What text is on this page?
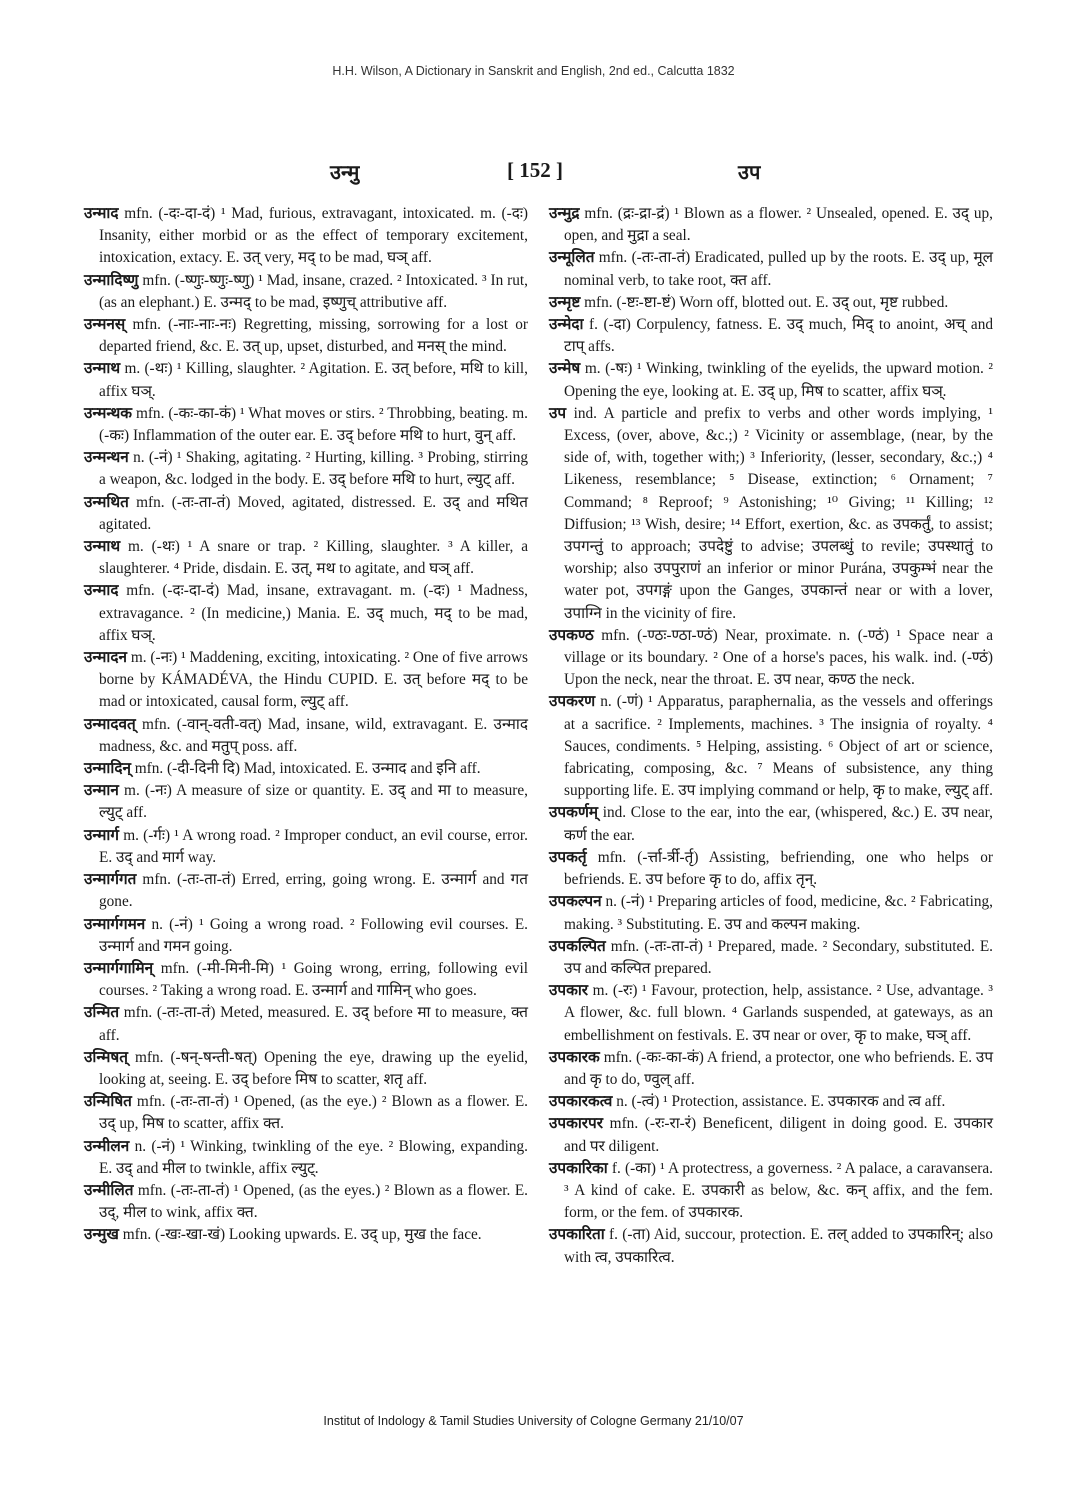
H.H. Wilson, A Dictionary in Sanskrit and English, 2nd ed., Calcutta 1832
उन्मु	[ 152 ]	उप

उन्माद mfn. (-दः-दा-दं) ¹ Mad, furious, extravagant, intoxicated. m. (-दः) Insanity, either morbid or as the effect of temporary excitement, intoxication, extacy. E. उत् very, मद् to be mad, घञ् aff.

उन्मादिष्णु mfn. (-ष्णुः-ष्णुः-ष्णु) ¹ Mad, insane, crazed. ² Intoxicated. ³ In rut, (as an elephant.) E. उन्मद् to be mad, इष्णुच् attributive aff.

उन्मनस् mfn. (-नाः-नाः-नः) Regretting, missing, sorrowing for a lost or departed friend, &c. E. उत् up, upset, disturbed, and मनस् the mind.

उन्माथ m. (-थः) ¹ Killing, slaughter. ² Agitation. E. उत् before, मथि to kill, affix घञ्.

उन्मन्थक mfn. (-कः-का-कं) ¹ What moves or stirs. ² Throbbing, beating. m. (-कः) Inflammation of the outer ear. E. उद् before मथि to hurt, वुन् aff.

उन्मन्थन n. (-नं) ¹ Shaking, agitating. ² Hurting, killing. ³ Probing, stirring a weapon, &c. lodged in the body. E. उद् before मथि to hurt, ल्युट् aff.

उन्मथित mfn. (-तः-ता-तं) Moved, agitated, distressed. E. उद् and मथित agitated.

उन्माथ m. (-थः) ¹ A snare or trap. ² Killing, slaughter. ³ A killer, a slaughterer. ⁴ Pride, disdain. E. उत्, मथ to agitate, and घञ् aff.

उन्माद mfn. (-दः-दा-दं) Mad, insane, extravagant. m. (-दः) ¹ Madness, extravagance. ² (In medicine,) Mania. E. उद् much, मद् to be mad, affix घञ्.

उन्मादन m. (-नः) ¹ Maddening, exciting, intoxicating. ² One of five arrows borne by KÁMADÉVA, the Hindu CUPID. E. उत् before मद् to be mad or intoxicated, causal form, ल्युट् aff.

उन्मादवत् mfn. (-वान्-वती-वत्) Mad, insane, wild, extravagant. E. उन्माद madness, &c. and मतुप् poss. aff.

उन्मादिन् mfn. (-दी-दिनी दि) Mad, intoxicated. E. उन्माद and इनि aff.

उन्मान m. (-नः) A measure of size or quantity. E. उद् and मा to measure, ल्युट् aff.

उन्मार्ग m. (-र्गः) ¹ A wrong road. ² Improper conduct, an evil course, error. E. उद् and मार्ग way.

उन्मार्गगत mfn. (-तः-ता-तं) Erred, erring, going wrong. E. उन्मार्ग and गत gone.

उन्मार्गगमन n. (-नं) ¹ Going a wrong road. ² Following evil courses. E. उन्मार्ग and गमन going.

उन्मार्गगामिन् mfn. (-मी-मिनी-मि) ¹ Going wrong, erring, following evil courses. ² Taking a wrong road. E. उन्मार्ग and गामिन् who goes.

उन्मित mfn. (-तः-ता-तं) Meted, measured. E. उद् before मा to measure, क्त aff.

उन्मिषत् mfn. (-षन्-षन्ती-षत्) Opening the eye, drawing up the eyelid, looking at, seeing. E. उद् before मिष to scatter, शतृ aff.

उन्मिषित mfn. (-तः-ता-तं) ¹ Opened, (as the eye.) ² Blown as a flower. E. उद् up, मिष to scatter, affix क्त.

उन्मीलन n. (-नं) ¹ Winking, twinkling of the eye. ² Blowing, expanding. E. उद् and मील to twinkle, affix ल्युट्.

उन्मीलित mfn. (-तः-ता-तं) ¹ Opened, (as the eyes.) ² Blown as a flower. E. उद्, मील to wink, affix क्त.

उन्मुख mfn. (-खः-खा-खं) Looking upwards. E. उद् up, मुख the face.

उन्मुद्र mfn. (द्रः-द्रा-द्रं) ¹ Blown as a flower. ² Unsealed, opened. E. उद् up, open, and मुद्रा a seal.

उन्मूलित mfn. (-तः-ता-तं) Eradicated, pulled up by the roots. E. उद् up, मूल nominal verb, to take root, क्त aff.

उन्मृष्ट mfn. (-ष्टः-ष्टा-ष्टं) Worn off, blotted out. E. उद् out, मृष्ट rubbed.

उन्मेदा f. (-दा) Corpulency, fatness. E. उद् much, मिद् to anoint, अच् and टाप् affs.

उन्मेष m. (-षः) ¹ Winking, twinkling of the eyelids, the upward motion. ² Opening the eye, looking at. E. उद् up, मिष to scatter, affix घञ्.

उप ind. A particle and prefix to verbs and other words implying, ¹ Excess, (over, above, &c.;) ² Vicinity or assemblage, (near, by the side of, with, together with;) ³ Inferiority, (lesser, secondary, &c.;) ⁴ Likeness, resemblance; ⁵ Disease, extinction; ⁶ Ornament; ⁷ Command; ⁸ Reproof; ⁹ Astonishing; ¹⁰ Giving; ¹¹ Killing; ¹² Diffusion; ¹³ Wish, desire; ¹⁴ Effort, exertion, &c. as उपकर्तुं, to assist; उपगन्तुं to approach; उपदेष्टुं to advise; उपलब्धुं to revile; उपस्थातुं to worship; also उपपुराणं an inferior or minor Purána, उपकुम्भं near the water pot, उपगङ्गं upon the Ganges, उपकान्तं near or with a lover, उपाग्नि in the vicinity of fire.

उपकण्ठ mfn. (-ण्ठः-ण्ठा-ण्ठं) Near, proximate. n. (-ण्ठं) ¹ Space near a village or its boundary. ² One of a horse's paces, his walk. ind. (-ण्ठं) Upon the neck, near the throat. E. उप near, कण्ठ the neck.

उपकरण n. (-णं) ¹ Apparatus, paraphernalia, as the vessels and offerings at a sacrifice. ² Implements, machines. ³ The insignia of royalty. ⁴ Sauces, condiments. ⁵ Helping, assisting. ⁶ Object of art or science, fabricating, composing, &c. ⁷ Means of subsistence, any thing supporting life. E. उप implying command or help, कृ to make, ल्युट् aff.

उपकर्णम् ind. Close to the ear, into the ear, (whispered, &c.) E. उप near, कर्ण the ear.

उपकर्तृ mfn. (-र्त्ता-र्त्री-र्तृ) Assisting, befriending, one who helps or befriends. E. उप before कृ to do, affix तृन्.

उपकल्पन n. (-नं) ¹ Preparing articles of food, medicine, &c. ² Fabricating, making. ³ Substituting. E. उप and कल्पन making.

उपकल्पित mfn. (-तः-ता-तं) ¹ Prepared, made. ² Secondary, substituted. E. उप and कल्पित prepared.

उपकार m. (-रः) ¹ Favour, protection, help, assistance. ² Use, advantage. ³ A flower, &c. full blown. ⁴ Garlands suspended, at gateways, as an embellishment on festivals. E. उप near or over, कृ to make, घञ् aff.

उपकारक mfn. (-कः-का-कं) A friend, a protector, one who befriends. E. उप and कृ to do, ण्वुल् aff.

उपकारकत्व n. (-त्वं) ¹ Protection, assistance. E. उपकारक and त्व aff.

उपकारपर mfn. (-रः-रा-रं) Beneficent, diligent in doing good. E. उपकार and पर diligent.

उपकारिका f. (-का) ¹ A protectress, a governess. ² A palace, a caravansera. ³ A kind of cake. E. उपकारी as below, &c. कन् affix, and the fem. form, or the fem. of उपकारक.

उपकारिता f. (-ता) Aid, succour, protection. E. तल् added to उपकारिन्; also with त्व, उपकारित्व.

Institut of Indology & Tamil Studies University of Cologne Germany 21/10/07
